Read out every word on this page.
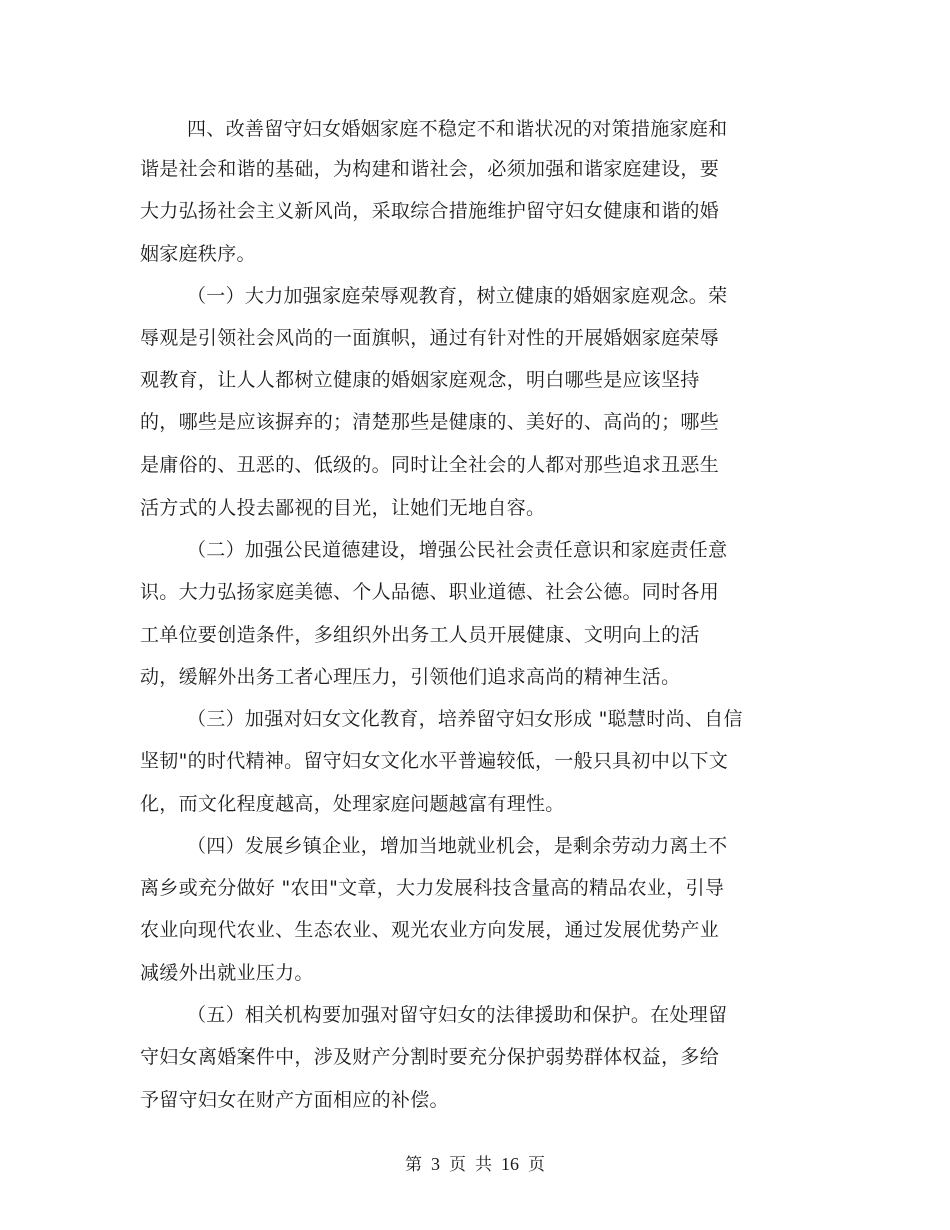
四、改善留守妇女婚姻家庭不稳定不和谐状况的对策措施家庭和
谐是社会和谐的基础，为构建和谐社会，必须加强和谐家庭建设，要
大力弘扬社会主义新风尚，采取综合措施维护留守妇女健康和谐的婚
姻家庭秩序。
（一）大力加强家庭荣辱观教育，树立健康的婚姻家庭观念。荣
辱观是引领社会风尚的一面旗帜，通过有针对性的开展婚姻家庭荣辱
观教育，让人人都树立健康的婚姻家庭观念，明白哪些是应该坚持
的，哪些是应该摒弃的；清楚那些是健康的、美好的、高尚的；哪些
是庸俗的、丑恶的、低级的。同时让全社会的人都对那些追求丑恶生
活方式的人投去鄙视的目光，让她们无地自容。
（二）加强公民道德建设，增强公民社会责任意识和家庭责任意
识。大力弘扬家庭美德、个人品德、职业道德、社会公德。同时各用
工单位要创造条件，多组织外出务工人员开展健康、文明向上的活
动，缓解外出务工者心理压力，引领他们追求高尚的精神生活。
（三）加强对妇女文化教育，培养留守妇女形成 "聪慧时尚、自信
坚韧"的时代精神。留守妇女文化水平普遍较低，一般只具初中以下文
化，而文化程度越高，处理家庭问题越富有理性。
（四）发展乡镇企业，增加当地就业机会，是剩余劳动力离土不
离乡或充分做好 "农田"文章，大力发展科技含量高的精品农业，引导
农业向现代农业、生态农业、观光农业方向发展，通过发展优势产业
减缓外出就业压力。
（五）相关机构要加强对留守妇女的法律援助和保护。在处理留
守妇女离婚案件中，涉及财产分割时要充分保护弱势群体权益，多给
予留守妇女在财产方面相应的补偿。
第 3 页 共 16 页
